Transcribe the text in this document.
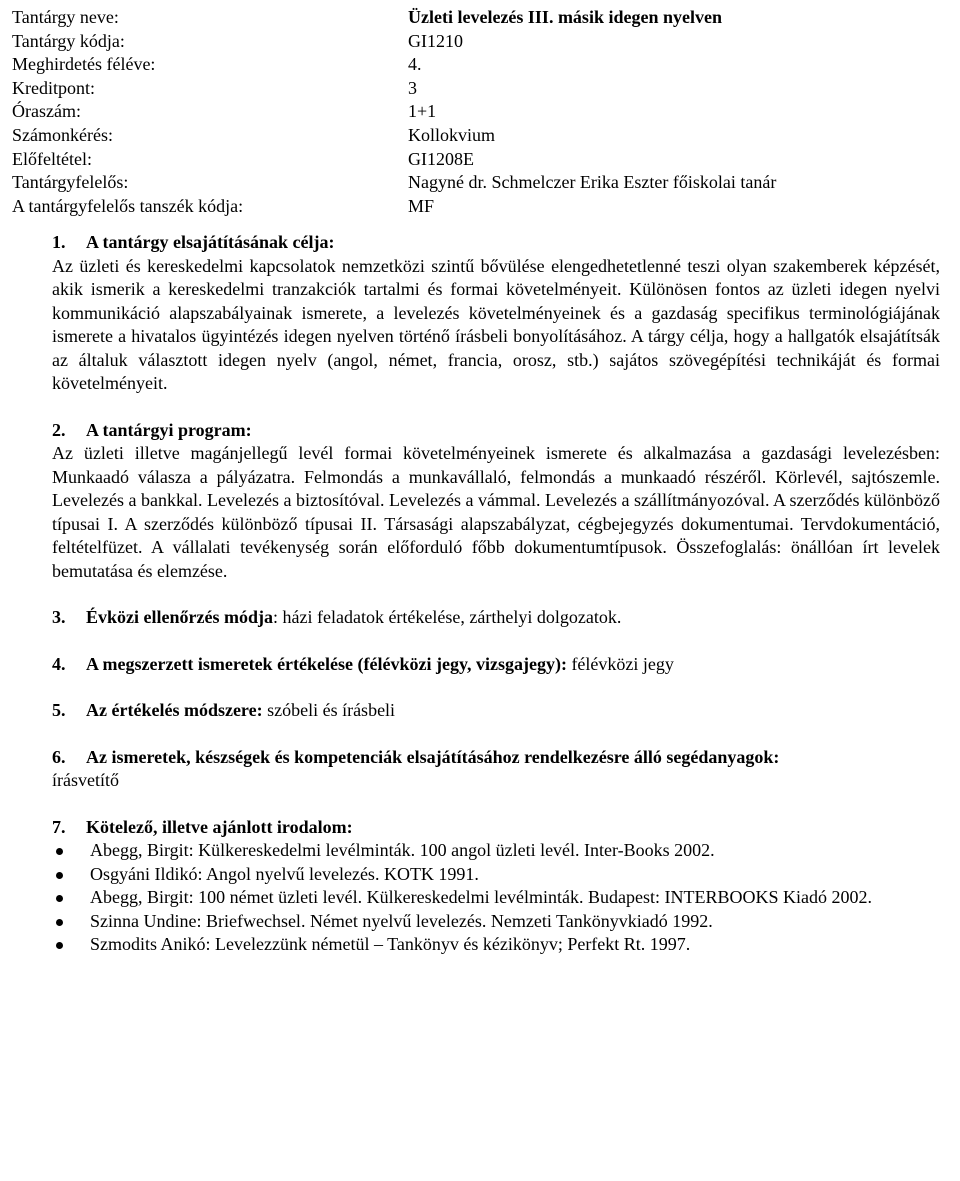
Tantárgy neve:	Üzleti levelezés III. másik idegen nyelven
Tantárgy kódja:	GI1210
Meghirdetés féléve:	4.
Kreditpont:	3
Óraszám:	1+1
Számonkérés:	Kollokvium
Előfeltétel:	GI1208E
Tantárgyfelelős:	Nagyné dr. Schmelczer Erika Eszter főiskolai tanár
A tantárgyfelelős tanszék kódja:	MF
1. A tantárgy elsajátításának célja:
Az üzleti és kereskedelmi kapcsolatok nemzetközi szintű bővülése elengedhetetlenné teszi olyan szakemberek képzését, akik ismerik a kereskedelmi tranzakciók tartalmi és formai követelményeit. Különösen fontos az üzleti idegen nyelvi kommunikáció alapszabályainak ismerete, a levelezés követelményeinek és a gazdaság specifikus terminológiájának ismerete a hivatalos ügyintézés idegen nyelven történő írásbeli bonyolításához. A tárgy célja, hogy a hallgatók elsajátítsák az általuk választott idegen nyelv (angol, német, francia, orosz, stb.) sajátos szövegépítési technikáját és formai követelményeit.
2. A tantárgyi program:
Az üzleti illetve magánjellegű levél formai követelményeinek ismerete és alkalmazása a gazdasági levelezésben: Munkaadó válasza a pályázatra. Felmondás a munkavállaló, felmondás a munkaadó részéről. Körlevél, sajtószemle. Levelezés a bankkal. Levelezés a biztosítóval. Levelezés a vámmal. Levelezés a szállítmányozóval. A szerződés különböző típusai I. A szerződés különböző típusai II. Társasági alapszabályzat, cégbejegyzés dokumentumai. Tervdokumentáció, feltételfüzet. A vállalati tevékenység során előforduló főbb dokumentumtípusok. Összefoglalás: önállóan írt levelek bemutatása és elemzése.
3. Évközi ellenőrzés módja: házi feladatok értékelése, zárthelyi dolgozatok.
4. A megszerzett ismeretek értékelése (félévközi jegy, vizsgajegy): félévközi jegy
5. Az értékelés módszere: szóbeli és írásbeli
6. Az ismeretek, készségek és kompetenciák elsajátításához rendelkezésre álló segédanyagok:
írásvetítő
7. Kötelező, illetve ajánlott irodalom:
Abegg, Birgit: Külkereskedelmi levélminták. 100 angol üzleti levél. Inter-Books 2002.
Osgyáni Ildikó: Angol nyelvű levelezés. KOTK 1991.
Abegg, Birgit: 100 német üzleti levél. Külkereskedelmi levélminták. Budapest: INTERBOOKS Kiadó 2002.
Szinna Undine: Briefwechsel. Német nyelvű levelezés. Nemzeti Tankönyvkiadó 1992.
Szmodits Anikó: Levelezzünk németül – Tankönyv és kézikönyv; Perfekt Rt. 1997.
